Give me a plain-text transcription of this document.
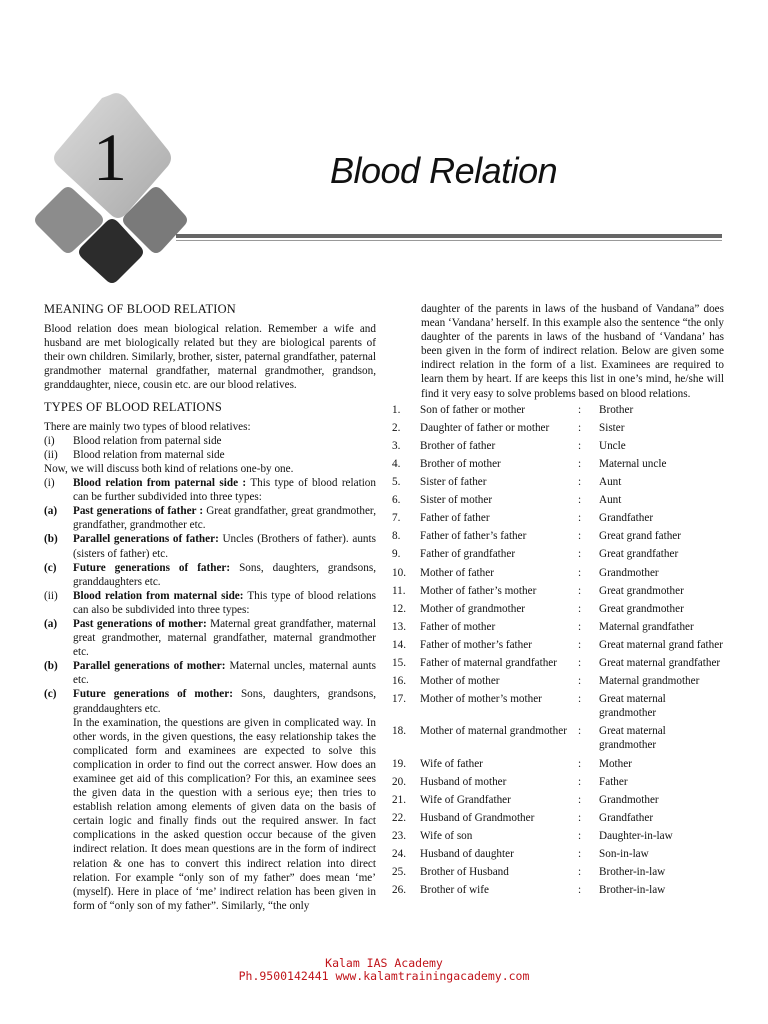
1	Blood Relation
MEANING OF BLOOD RELATION

Blood relation does mean biological relation. Remember a wife and husband are met biologically related but they are biological parents of their own children. Similarly, brother, sister, paternal grandfather, paternal grandmother maternal grandfather, maternal grandmother, grandson, granddaughter, niece, cousin etc. are our blood relatives.

TYPES OF BLOOD RELATIONS

There are mainly two types of blood relatives:

(i)	Blood relation from paternal side
(ii)	Blood relation from maternal side

Now, we will discuss both kind of relations one-by one.

(i)	Blood relation from paternal side : This type of blood relation can be further subdivided into three types:
(a)	Past generations of father : Great grandfather, great grandmother, grandfather, grandmother etc.
(b)	Parallel generations of father: Uncles (Brothers of father). aunts (sisters of father) etc.
(c)	Future generations of father: Sons, daughters, grandsons, granddaughters etc.
(ii)	Blood relation from maternal side: This type of blood relations can also be subdivided into three types:
(a)	Past generations of mother: Maternal great grandfather, maternal great grandmother, maternal grandfather, maternal grandmother etc.
(b)	Parallel generations of mother: Maternal uncles, maternal aunts etc.
(c)	Future generations of mother: Sons, daughters, grandsons, granddaughters etc.

In the examination, the questions are given in complicated way. In other words, in the given questions, the easy relationship takes the complicated form and examinees are expected to solve this complication in order to find out the correct answer. How does an examinee get aid of this complication? For this, an examinee sees the given data in the question with a serious eye; then tries to establish relation among elements of given data on the basis of certain logic and finally finds out the required answer. In fact complications in the asked question occur because of the given indirect relation. It does mean questions are in the form of indirect relation & one has to convert this indirect relation into direct relation. For example “only son of my father” does mean ‘me’ (myself). Here in place of ‘me’ indirect relation has been given in form of “only son of my father”. Similarly, “the only

daughter of the parents in laws of the husband of Vandana” does mean ‘Vandana’ herself. In this example also the sentence “the only daughter of the parents in laws of the husband of ‘Vandana’ has been given in the form of indirect relation. Below are given some indirect relation in the form of a list. Examinees are required to learn them by heart. If are keeps this list in one’s mind, he/she will find it very easy to solve problems based on blood relations.

1.	Son of father or mother	:	Brother
2.	Daughter of father or mother	:	Sister
3.	Brother of father	:	Uncle
4.	Brother of mother	:	Maternal uncle
5.	Sister of father	:	Aunt
6.	Sister of mother	:	Aunt
7.	Father of father	:	Grandfather
8.	Father of father’s father	:	Great grand father
9.	Father of grandfather	:	Great grandfather
10.	Mother of father	:	Grandmother
11.	Mother of father’s mother	:	Great grandmother
12.	Mother of grandmother	:	Great grandmother
13.	Father of mother	:	Maternal grandfather
14.	Father of mother’s father	:	Great maternal grand father
15.	Father of maternal grandfather	:	Great maternal grandfather
16.	Mother of mother	:	Maternal grandmother
17.	Mother of mother’s mother	:	Great maternal grandmother
18.	Mother of maternal grandmother :	Great maternal grandmother
19.	Wife of father	:	Mother
20.	Husband of mother	:	Father
21.	Wife of Grandfather	:	Grandmother
22.	Husband of Grandmother	:	Grandfather
23.	Wife of son	:	Daughter-in-law
24.	Husband of daughter	:	Son-in-law
25.	Brother of Husband	:	Brother-in-law
26.	Brother of wife	:	Brother-in-law
Kalam IAS Academy
Ph.9500142441 www.kalamtrainingacademy.com
